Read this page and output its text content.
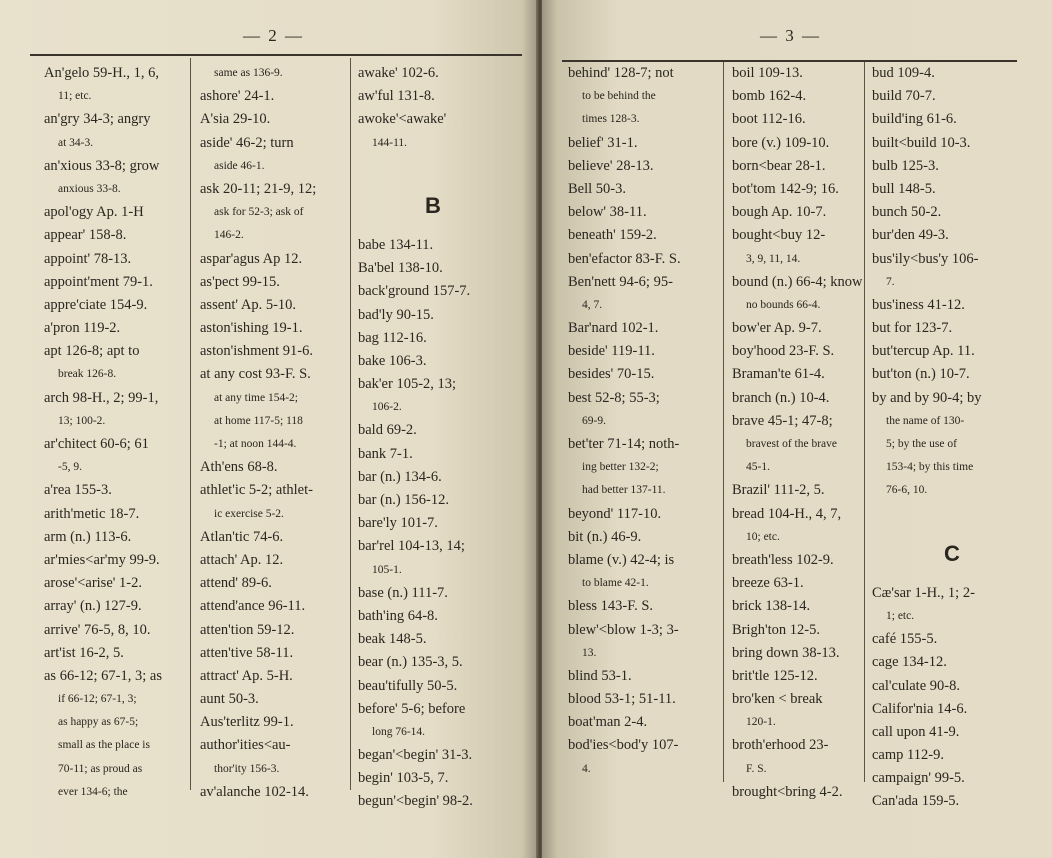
— 2 —
An'gelo 59-H., 1, 6,
11; etc.
an'gry 34-3; angry
at 34-3.
an'xious 33-8; grow
anxious 33-8.
apol'ogy Ap. 1-H
appear' 158-8.
appoint' 78-13.
appoint'ment 79-1.
appre'ciate 154-9.
a'pron 119-2.
apt 126-8; apt to
break 126-8.
arch 98-H., 2; 99-1,
13; 100-2.
ar'chitect 60-6; 61
-5, 9.
a'rea 155-3.
arith'metic 18-7.
arm (n.) 113-6.
ar'mies<ar'my 99-9.
arose'<arise' 1-2.
array' (n.) 127-9.
arrive' 76-5, 8, 10.
art'ist 16-2, 5.
as 66-12; 67-1, 3; as
if 66-12; 67-1, 3;
as happy as 67-5;
small as the place is
70-11; as proud as
ever 134-6; the
same as 136-9.
ashore' 24-1.
A'sia 29-10.
aside' 46-2; turn
aside 46-1.
ask 20-11; 21-9, 12;
ask for 52-3; ask of
146-2.
aspar'agus Ap 12.
as'pect 99-15.
assent' Ap. 5-10.
aston'ishing 19-1.
aston'ishment 91-6.
at any cost 93-F. S.
at any time 154-2;
at home 117-5; 118
-1; at noon 144-4.
Ath'ens 68-8.
athlet'ic 5-2; athlet-
ic exercise 5-2.
Atlan'tic 74-6.
attach' Ap. 12.
attend' 89-6.
attend'ance 96-11.
atten'tion 59-12.
atten'tive 58-11.
attract' Ap. 5-H.
aunt 50-3.
Aus'terlitz 99-1.
author'ities<au-
thor'ity 156-3.
av'alanche 102-14.
awake' 102-6.
aw'ful 131-8.
awoke'<awake'
144-11.
B
babe 134-11.
Ba'bel 138-10.
back'ground 157-7.
bad'ly 90-15.
bag 112-16.
bake 106-3.
bak'er 105-2, 13;
106-2.
bald 69-2.
bank 7-1.
bar (n.) 134-6.
bar (n.) 156-12.
bare'ly 101-7.
bar'rel 104-13, 14;
105-1.
base (n.) 111-7.
bath'ing 64-8.
beak 148-5.
bear (n.) 135-3, 5.
beau'tifully 50-5.
before' 5-6; before
long 76-14.
began'<begin' 31-3.
begin' 103-5, 7.
begun'<begin' 98-2.
— 3 —
behind' 128-7; not
to be behind the
times 128-3.
belief' 31-1.
believe' 28-13.
Bell 50-3.
below' 38-11.
beneath' 159-2.
ben'efactor 83-F. S.
Ben'nett 94-6; 95-
4, 7.
Bar'nard 102-1.
beside' 119-11.
besides' 70-15.
best 52-8; 55-3;
69-9.
bet'ter 71-14; noth-
ing better 132-2;
had better 137-11.
beyond' 117-10.
bit (n.) 46-9.
blame (v.) 42-4; is
to blame 42-1.
bless 143-F. S.
blew'<blow 1-3; 3-
13.
blind 53-1.
blood 53-1; 51-11.
boat'man 2-4.
bod'ies<bod'y 107-
4.
boil 109-13.
bomb 162-4.
boot 112-16.
bore (v.) 109-10.
born<bear 28-1.
bot'tom 142-9; 16.
bough Ap. 10-7.
bought<buy 12-
3, 9, 11, 14.
bound (n.) 66-4; know
no bounds 66-4.
bow'er Ap. 9-7.
boy'hood 23-F. S.
Braman'te 61-4.
branch (n.) 10-4.
brave 45-1; 47-8;
bravest of the brave
45-1.
Brazil' 111-2, 5.
bread 104-H., 4, 7,
10; etc.
breath'less 102-9.
breeze 63-1.
brick 138-14.
Brigh'ton 12-5.
bring down 38-13.
brit'tle 125-12.
bro'ken < break
120-1.
broth'erhood 23-
F. S.
brought<bring 4-2.
bud 109-4.
build 70-7.
build'ing 61-6.
built<build 10-3.
bulb 125-3.
bull 148-5.
bunch 50-2.
bur'den 49-3.
bus'ily<bus'y 106-
7.
bus'iness 41-12.
but for 123-7.
but'tercup Ap. 11.
but'ton (n.) 10-7.
by and by 90-4; by
the name of 130-
5; by the use of
153-4; by this time
76-6, 10.
C
Cæ'sar 1-H., 1; 2-
1; etc.
café 155-5.
cage 134-12.
cal'culate 90-8.
Califor'nia 14-6.
call upon 41-9.
camp 112-9.
campaign' 99-5.
Can'ada 159-5.
